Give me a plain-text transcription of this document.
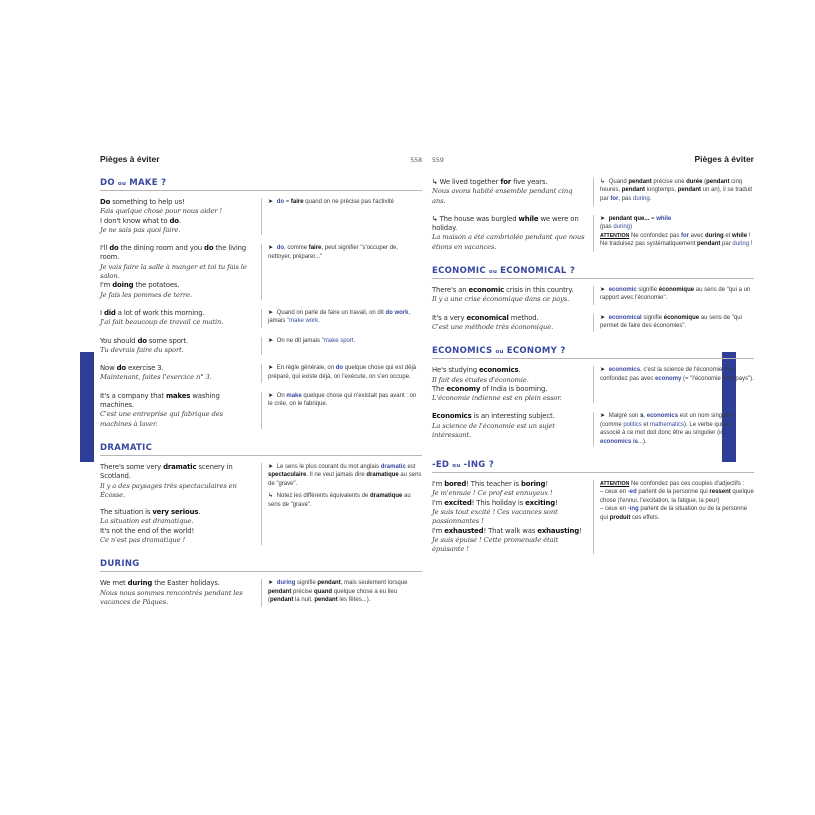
Pièges à éviter	558
DO ou MAKE ?
Do something to help us!
Fais quelque chose pour nous aider !
I don't know what to do.
Je ne sais pas quoi faire.
➤ do = faire quand on ne précise pas l'activité
I'll do the dining room and you do the living room.
Je vais faire la salle à manger et toi tu fais le salon.
I'm doing the potatoes.
Je fais les pommes de terre.
➤ do, comme faire, peut signifier "s'occuper de, nettoyer, préparer..."
I did a lot of work this morning.
J'ai fait beaucoup de travail ce matin.
➤ Quand on parle de faire un travail, on dit do work, jamais "make work.
You should do some sport.
Tu devrais faire du sport.
➤ On ne dit jamais "make sport.
Now do exercise 3.
Maintenant, faites l'exercice n° 3.
➤ En règle générale, on do quelque chose qui est déjà préparé, qui existe déjà, on l'exécute, on s'en occupe.
It's a company that makes washing machines.
C'est une entreprise qui fabrique des machines à laver.
➤ On make quelque chose qui n'existait pas avant : on le crée, on le fabrique.
DRAMATIC
There's some very dramatic scenery in Scotland.
Il y a des paysages très spectaculaires en Écosse.
The situation is very serious.
La situation est dramatique.
It's not the end of the world!
Ce n'est pas dramatique !
➤ Le sens le plus courant du mot anglais dramatic est spectaculaire. Il ne veut jamais dire dramatique au sens de "grave".
↳ Notez les différents équivalents de dramatique au sens de "grave".
DURING
We met during the Easter holidays.
Nous nous sommes rencontrés pendant les vacances de Pâques.
➤ during signifie pendant, mais seulement lorsque pendant précise quand quelque chose a eu lieu (pendant la nuit, pendant les fêtes...).
559	Pièges à éviter
↳ We lived together for five years.
Nous avons habité ensemble pendant cinq ans.
↳ Quand pendant précise une durée (pendant cinq heures, pendant longtemps, pendant un an), il se traduit par for, pas during.
↳ The house was burgled while we were on holiday.
La maison a été cambriolée pendant que nous étions en vacances.
➤ pendant que... = while
(pas during)
ATTENTION Ne confondez pas for avec during et while ! Ne traduisez pas systématiquement pendant par during !
ECONOMIC ou ECONOMICAL ?
There's an economic crisis in this country.
Il y a une crise économique dans ce pays.
➤ economic signifie économique au sens de "qui a un rapport avec l'économie".
It's a very economical method.
C'est une méthode très économique.
➤ economical signifie économique au sens de "qui permet de faire des économies".
ECONOMICS ou ECONOMY ?
He's studying economics.
Il fait des études d'économie.
The economy of India is booming.
L'économie indienne est en plein essor.
➤ economics, c'est la science de l'économie. Ne confondez pas avec economy (= "l'économie d'un pays").
Economics is an interesting subject.
La science de l'économie est un sujet intéressant.
➤ Malgré son s, economics est un nom singulier (comme politics et mathematics). Le verbe qui est associé à ce mot doit donc être au singulier (ici, economics is...).
-ED ou -ING ?
I'm bored! This teacher is boring!
Je m'ennuie ! Ce prof est ennuyeux !
I'm excited! This holiday is exciting!
Je suis tout excité ! Ces vacances sont passionnantes !
I'm exhausted! That walk was exhausting!
Je suis épuisé ! Cette promenade était épuisante !
ATTENTION Ne confondez pas ces couples d'adjectifs :
– ceux en -ed parlent de la personne qui ressent quelque chose (l'ennui, l'excitation, la fatigue, la peur)
– ceux en -ing parlent de la situation ou de la personne qui produit ces effets.
